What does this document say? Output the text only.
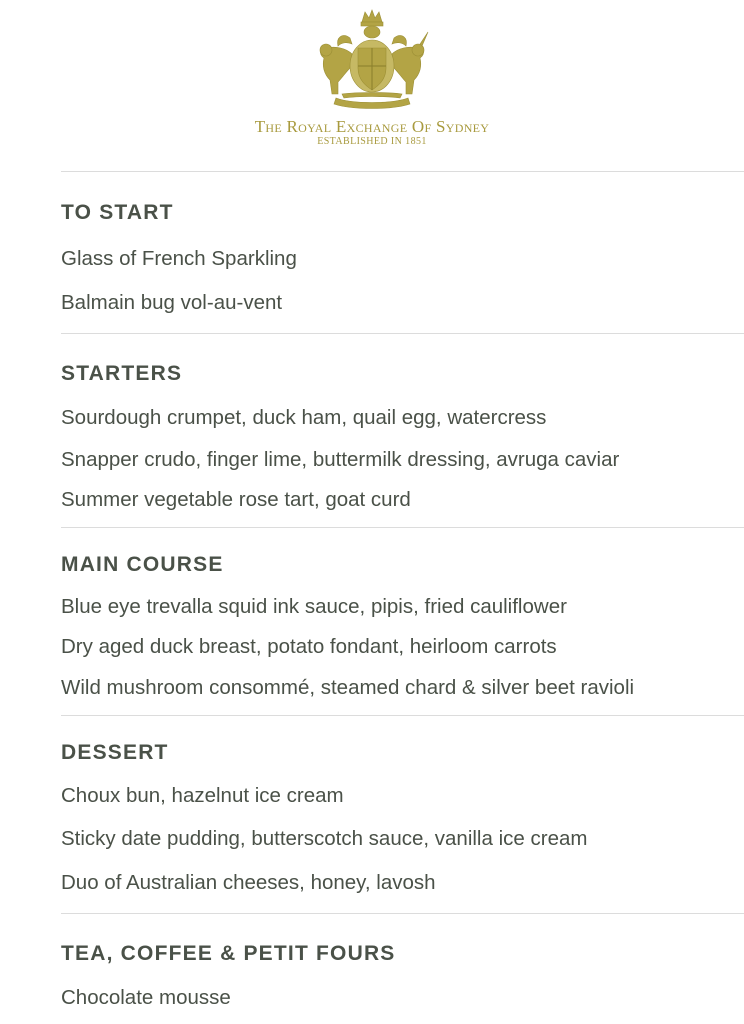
The Royal Exchange Of Sydney
ESTABLISHED IN 1851
TO START
Glass of French Sparkling
Balmain bug vol-au-vent
STARTERS
Sourdough crumpet, duck ham, quail egg, watercress
Snapper crudo, finger lime, buttermilk dressing, avruga caviar
Summer vegetable rose tart, goat curd
MAIN COURSE
Blue eye trevalla squid ink sauce, pipis, fried cauliflower
Dry aged duck breast, potato fondant, heirloom carrots
Wild mushroom consommé, steamed chard & silver beet ravioli
DESSERT
Choux bun, hazelnut ice cream
Sticky date pudding, butterscotch sauce, vanilla ice cream
Duo of Australian cheeses, honey, lavosh
TEA, COFFEE & PETIT FOURS
Chocolate mousse
